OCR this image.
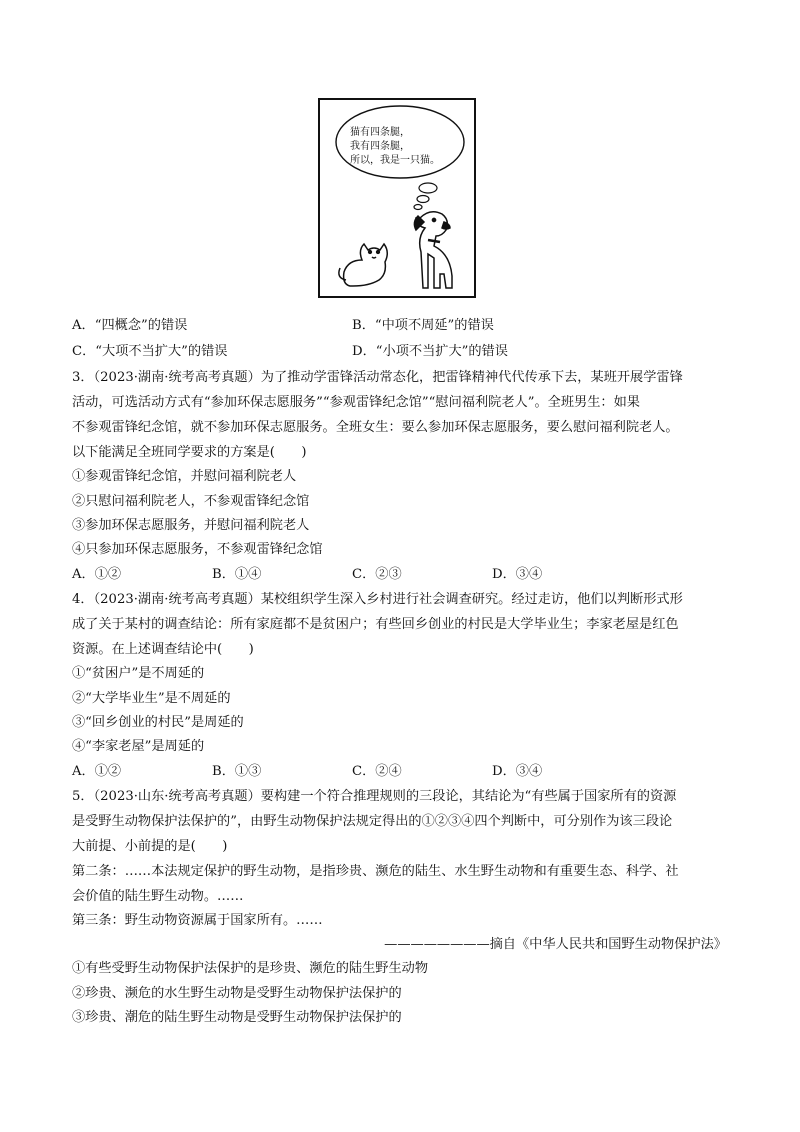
猫有四条腿，
我有四条腿，
所以，我是一只猫。
A．“四概念”的错误	B．“中项不周延”的错误
C．“大项不当扩大”的错误	D．“小项不当扩大”的错误
3．（2023·湖南·统考高考真题）为了推动学雷锋活动常态化，把雷锋精神代代传承下去，某班开展学雷锋
活动，可选活动方式有“参加环保志愿服务”“参观雷锋纪念馆”“慰问福利院老人”。全班男生：如果
不参观雷锋纪念馆，就不参加环保志愿服务。全班女生：要么参加环保志愿服务，要么慰问福利院老人。
以下能满足全班同学要求的方案是(　　)
①参观雷锋纪念馆，并慰问福利院老人
②只慰问福利院老人，不参观雷锋纪念馆
③参加环保志愿服务，并慰问福利院老人
④只参加环保志愿服务，不参观雷锋纪念馆
A．①②	B．①④	C．②③	D．③④
4．（2023·湖南·统考高考真题）某校组织学生深入乡村进行社会调查研究。经过走访，他们以判断形式形
成了关于某村的调查结论：所有家庭都不是贫困户；有些回乡创业的村民是大学毕业生；李家老屋是红色
资源。在上述调查结论中(　　)
①“贫困户”是不周延的
②“大学毕业生”是不周延的
③“回乡创业的村民”是周延的
④“李家老屋”是周延的
A．①②	B．①③	C．②④	D．③④
5．（2023·山东·统考高考真题）要构建一个符合推理规则的三段论，其结论为“有些属于国家所有的资源
是受野生动物保护法保护的”，由野生动物保护法规定得出的①②③④四个判断中，可分别作为该三段论
大前提、小前提的是(　　)
第二条：……本法规定保护的野生动物，是指珍贵、濒危的陆生、水生野生动物和有重要生态、科学、社
会价值的陆生野生动物。……
第三条：野生动物资源属于国家所有。……
————————摘自《中华人民共和国野生动物保护法》
①有些受野生动物保护法保护的是珍贵、濒危的陆生野生动物
②珍贵、濒危的水生野生动物是受野生动物保护法保护的
③珍贵、潮危的陆生野生动物是受野生动物保护法保护的
